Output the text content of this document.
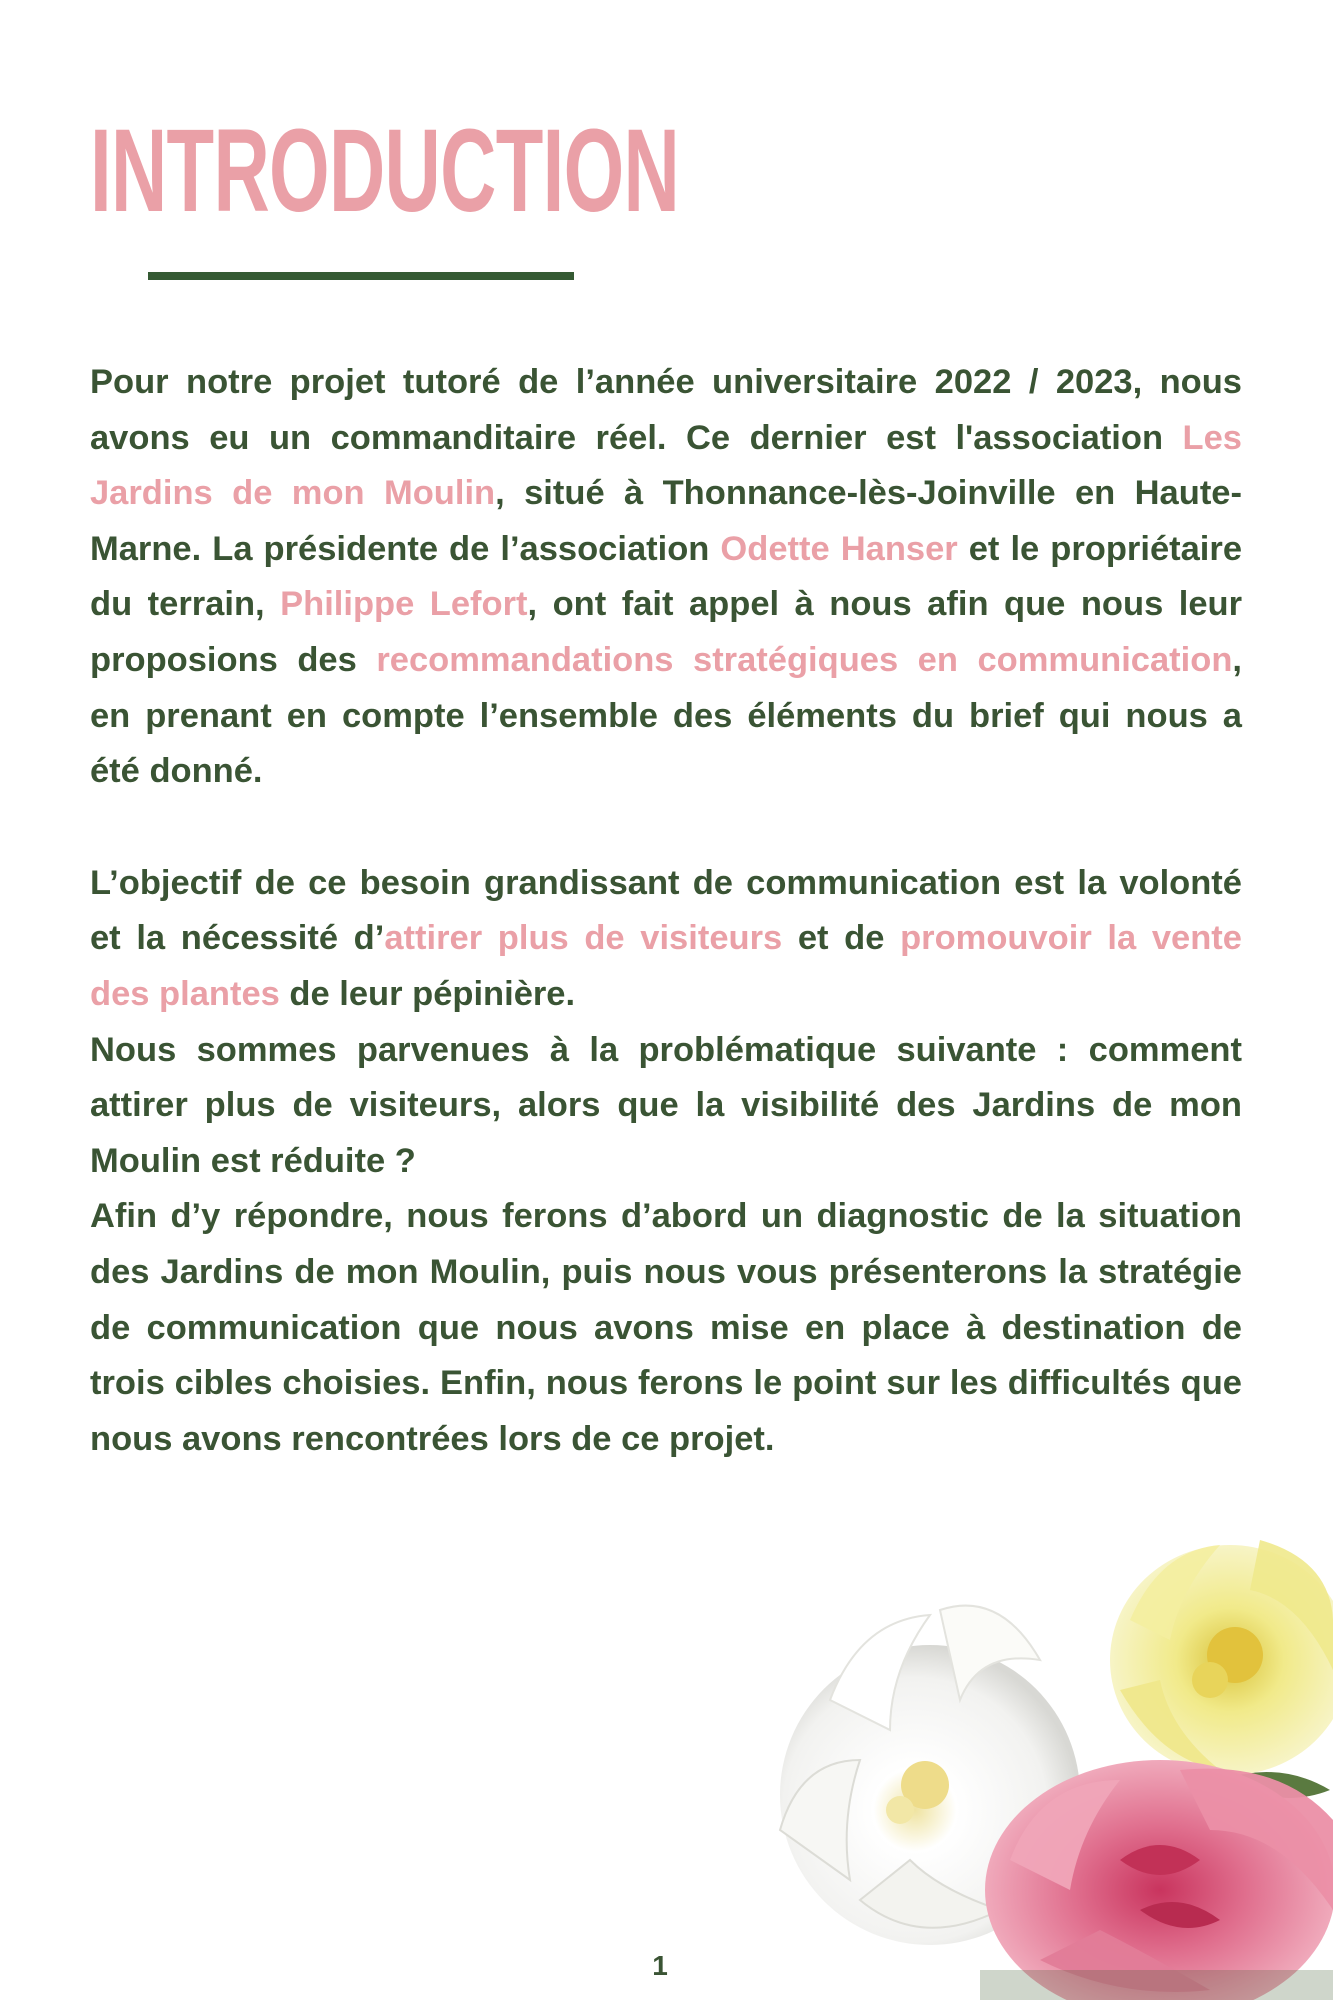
INTRODUCTION

Pour notre projet tutoré de l’année universitaire 2022 / 2023, nous avons eu un commanditaire réel. Ce dernier est l'association Les Jardins de mon Moulin, situé à Thonnance-lès-Joinville en Haute-Marne. La présidente de l’association Odette Hanser et le propriétaire du terrain, Philippe Lefort, ont fait appel à nous afin que nous leur proposions des recommandations stratégiques en communication, en prenant en compte l’ensemble des éléments du brief qui nous a été donné.

L’objectif de ce besoin grandissant de communication est la volonté et la nécessité d’attirer plus de visiteurs et de promouvoir la vente des plantes de leur pépinière.

Nous sommes parvenues à la problématique suivante : comment attirer plus de visiteurs, alors que la visibilité des Jardins de mon Moulin est réduite ?

Afin d’y répondre, nous ferons d’abord un diagnostic de la situation des Jardins de mon Moulin, puis nous vous présenterons la stratégie de communication que nous avons mise en place à destination de trois cibles choisies. Enfin, nous ferons le point sur les difficultés que nous avons rencontrées lors de ce projet.

1
